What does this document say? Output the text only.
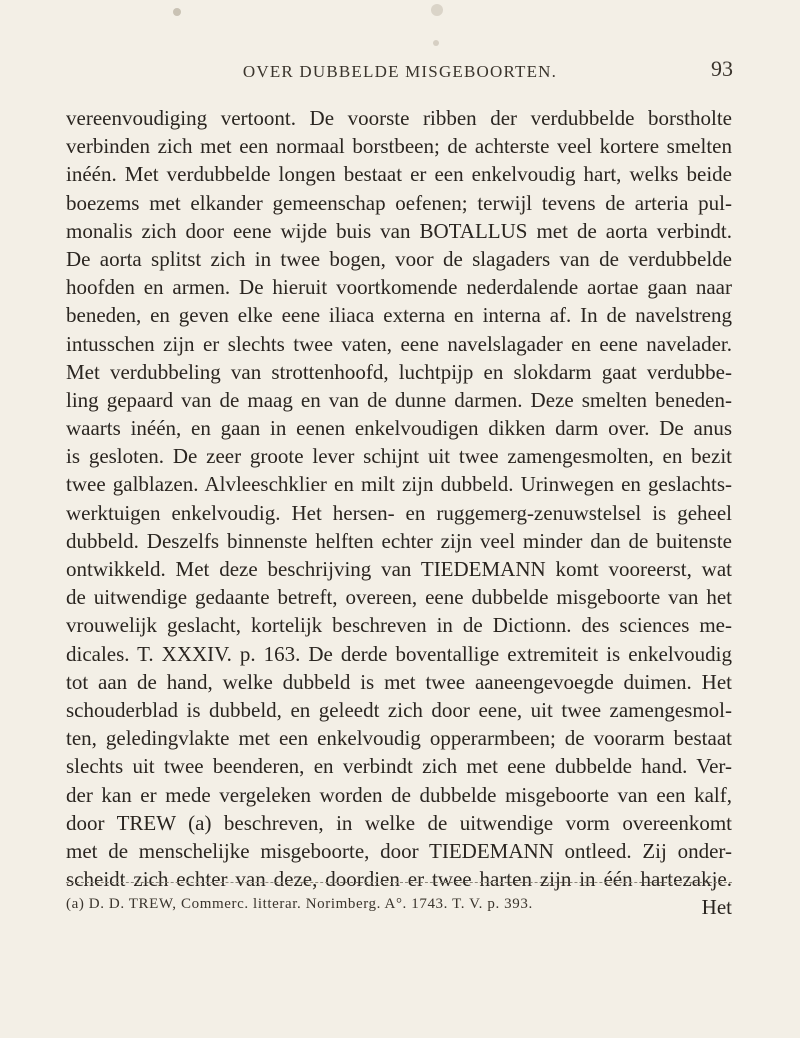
OVER DUBBELDE MISGEBOORTEN.	93
vereenvoudiging vertoont. De voorste ribben der verdubbelde borstholte
verbinden zich met een normaal borstbeen; de achterste veel kortere smelten
inéén. Met verdubbelde longen bestaat er een enkelvoudig hart, welks beide
boezems met elkander gemeenschap oefenen; terwijl tevens de arteria pul-
monalis zich door eene wijde buis van BOTALLUS met de aorta verbindt.
De aorta splitst zich in twee bogen, voor de slagaders van de verdubbelde
hoofden en armen. De hieruit voortkomende nederdalende aortae gaan naar
beneden, en geven elke eene iliaca externa en interna af. In de navelstreng
intusschen zijn er slechts twee vaten, eene navelslagader en eene navelader.
Met verdubbeling van strottenhoofd, luchtpijp en slokdarm gaat verdubbe-
ling gepaard van de maag en van de dunne darmen. Deze smelten beneden-
waarts inéén, en gaan in eenen enkelvoudigen dikken darm over. De anus
is gesloten. De zeer groote lever schijnt uit twee zamengesmolten, en bezit
twee galblazen. Alvleeschklier en milt zijn dubbeld. Urinwegen en geslachts-
werktuigen enkelvoudig. Het hersen- en ruggemerg-zenuwstelsel is geheel
dubbeld. Deszelfs binnenste helften echter zijn veel minder dan de buitenste
ontwikkeld. Met deze beschrijving van TIEDEMANN komt vooreerst, wat
de uitwendige gedaante betreft, overeen, eene dubbelde misgeboorte van het
vrouwelijk geslacht, kortelijk beschreven in de Dictionn. des sciences me-
dicales. T. XXXIV. p. 163. De derde boventallige extremiteit is enkelvoudig
tot aan de hand, welke dubbeld is met twee aaneengevoegde duimen. Het
schouderblad is dubbeld, en geleedt zich door eene, uit twee zamengesmol-
ten, geledingvlakte met een enkelvoudig opperarmbeen; de voorarm bestaat
slechts uit twee beenderen, en verbindt zich met eene dubbelde hand. Ver-
der kan er mede vergeleken worden de dubbelde misgeboorte van een kalf,
door TREW (a) beschreven, in welke de uitwendige vorm overeenkomt
met de menschelijke misgeboorte, door TIEDEMANN ontleed. Zij onder-
scheidt zich echter van deze, doordien er twee harten zijn in één hartezakje.
Het
(a) D. D. TREW, Commerc. litterar. Norimberg. A°. 1743. T. V. p. 393.
